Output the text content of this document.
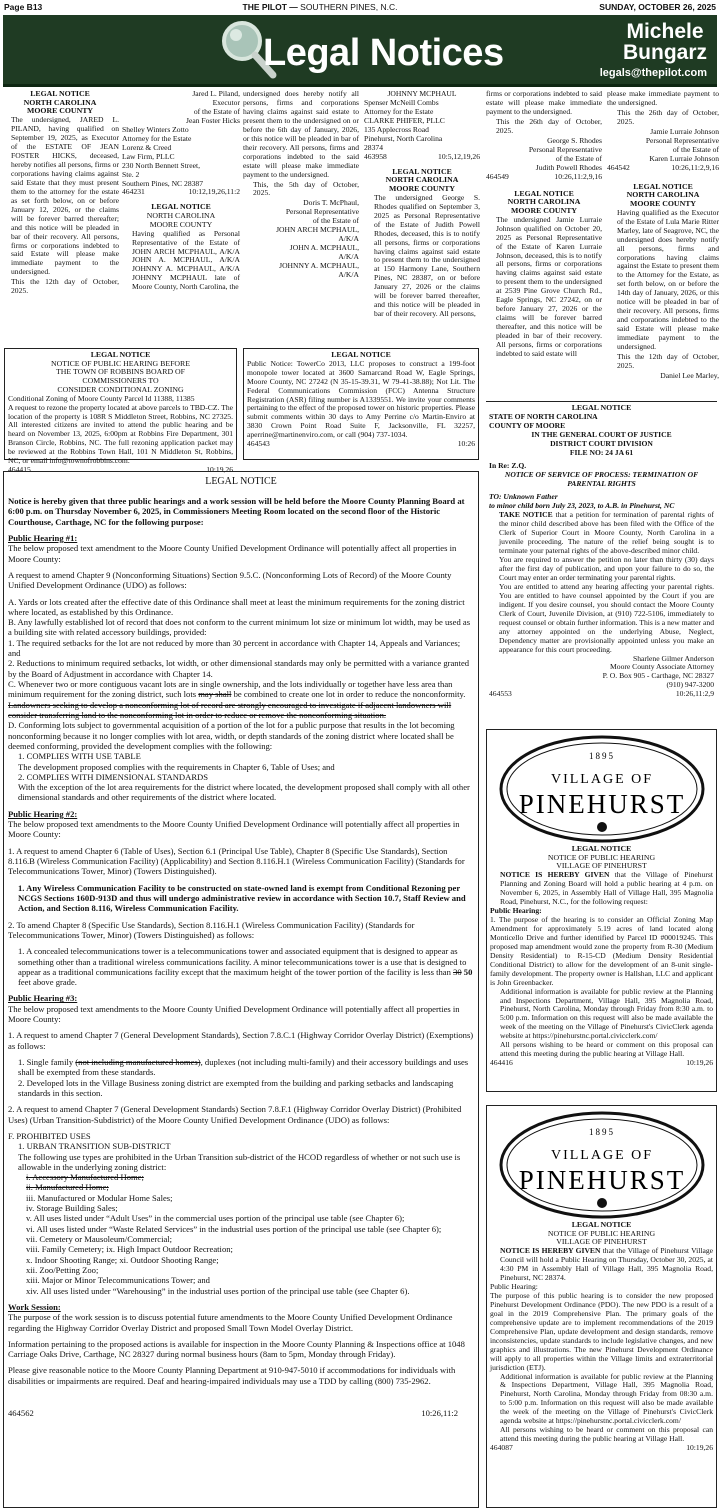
Page B13	THE PILOT — SOUTHERN PINES, N.C.	SUNDAY, OCTOBER 26, 2025
Legal Notices
Michele
Bungarz
legals@thepilot.com
LEGAL NOTICE
NORTH CAROLINA
MOORE COUNTY

The undersigned, JARED L. PILAND, having qualified on September 19, 2025, as Executor of the ESTATE OF JEAN FOSTER HICKS, deceased, hereby notifies all persons, firms or corporations having claims against said Estate that they must present them to the attorney for the estate as set forth below, on or before January 12, 2026, or the claims will be forever barred thereafter; and this notice will be pleaded in bar of their recovery. All persons, firms or corporations indebted to said Estate will please make immediate payment to the undersigned.

This the 12th day of October, 2025.

Jared L. Piland,
Executor
of the Estate of
Jean Foster Hicks
Shelley Winters Zotto
Attorney for the Estate
Lorenz & Creed
Law Firm, PLLC
230 North Bennett Street,
Ste. 2
Southern Pines, NC 28387
464231	10:12,19,26,11:2
LEGAL NOTICE
NORTH CAROLINA
MOORE COUNTY

Having qualified as Personal Representative of the Estate of JOHN ARCH MCPHAUL, A/K/A JOHN A. MCPHAUL, A/K/A JOHNNY A. MCPHAUL, A/K/A JOHNNY MCPHAUL late of Moore County, North Carolina, the

undersigned does hereby notify all persons, firms and corporations having claims against said estate to present them to the undersigned on or before the 6th day of January, 2026, or this notice will be pleaded in bar of their recovery. All persons, firms and corporations indebted to the said estate will please make immediate payment to the undersigned.

This, the 5th day of October, 2025.

Doris T. McPhaul,
Personal Representative
of the Estate of
JOHN ARCH MCPHAUL,
A/K/A
JOHN A. MCPHAUL,
A/K/A
JOHNNY A. MCPHAUL,
A/K/A
JOHNNY MCPHAUL
Spenser McNeill Combs
Attorney for the Estate
CLARKE PHIFER, PLLC
135 Applecross Road
Pinehurst, North Carolina
28374
463958	10:5,12,19,26
LEGAL NOTICE
NORTH CAROLINA
MOORE COUNTY

The undersigned George S. Rhodes qualified on September 3, 2025 as Personal Representative of the Estate of Judith Powell Rhodes, deceased, this is to notify all persons, firms or corporations having claims against said estate to present them to the undersigned at 150 Harmony Lane, Southern Pines, NC 28387, on or before January 27, 2026 or the claims will be forever barred thereafter, and this notice will be pleaded in bar of their recovery. All persons,

firms or corporations indebted to said estate will please make immediate payment to the undersigned.

This the 26th day of October, 2025.

George S. Rhodes
Personal Representative
of the Estate of
Judith Powell Rhodes
464549	10:26,11:2,9,16
LEGAL NOTICE
NORTH CAROLINA
MOORE COUNTY

The undersigned Jamie Lurraie Johnson qualified on October 20, 2025 as Personal Representative of the Estate of Karen Lurraie Johnson, deceased, this is to notify all persons, firms or corporations having claims against said estate to present them to the undersigned at 2539 Pine Grove Church Rd., Eagle Springs, NC 27242, on or before January 27, 2026 or the claims will be forever barred thereafter, and this notice will be pleaded in bar of their recovery. All persons, firms or corporations indebted to said estate will

please make immediate payment to the undersigned.

This the 26th day of October, 2025.

Jamie Lurraie Johnson
Personal Representative
of the Estate of
Karen Lurraie Johnson
464542	10:26,11:2,9,16
LEGAL NOTICE
NORTH CAROLINA
MOORE COUNTY

Having qualified as the Executor of the Estate of Lula Marie Ritter Marley, late of Seagrove, NC, the undersigned does hereby notify all persons, firms and corporations having claims against the Estate to present them to the Attorney for the Estate, as set forth below, on or before the 14th day of January, 2026, or this notice will be pleaded in bar of their recovery. All persons, firms and corporations indebted to the said Estate will please make immediate payment to the undersigned.

This the 12th day of October, 2025.

Daniel Lee Marley,
LEGAL NOTICE
NOTICE OF PUBLIC HEARING BEFORE
THE TOWN OF ROBBINS BOARD OF
COMMISSIONERS TO
CONSIDER CONDITIONAL ZONING

Conditional Zoning of Moore County Parcel Id 11388, 11385
A request to rezone the property located at above parcels to TBD-CZ. The location of the property is 108R S Middleton Street, Robbins, NC 27325. All interested citizens are invited to attend the public hearing and be heard on November 13, 2025, 6:00pm at Robbins Fire Department, 301 Branson Circle, Robbins, NC. The full rezoning application packet may be reviewed at the Robbins Town Hall, 101 N Middleton St, Robbins, NC, or email info@townofrobbins.com.

464415	10:19,26
LEGAL NOTICE

Public Notice: TowerCo 2013, LLC proposes to construct a 199-foot monopole tower located at 3600 Samarcand Road W, Eagle Springs, Moore County, NC 27242 (N 35-15-39.31, W 79-41-38.88); Not Lit. The Federal Communications Commission (FCC) Antenna Structure Registration (ASR) filing number is A1339551. We invite your comments pertaining to the effect of the proposed tower on historic properties. Please submit comments within 30 days to Amy Perrine c/o Martin-Enviro at 3830 Crown Point Road Suite F, Jacksonville, FL 32257, aperrine@martinenviro.com, or call (904) 737-1034.

464543	10:26
LEGAL NOTICE

Notice is hereby given that three public hearings and a work session will be held before the Moore County Planning Board at 6:00 p.m. on Thursday November 6, 2025, in Commissioners Meeting Room located on the second floor of the Historic Courthouse, Carthage, NC for the following purpose:

Public Hearing #1:

The below proposed text amendment to the Moore County Unified Development Ordinance will potentially affect all properties in Moore County:

A request to amend Chapter 9 (Nonconforming Situations) Section 9.5.C. (Nonconforming Lots of Record) of the Moore County Unified Development Ordinance (UDO) as follows:

A. Yards or lots created after the effective date of this Ordinance shall meet at least the minimum requirements for the zoning district where located, as established by this Ordinance.
B. Any lawfully established lot of record that does not conform to the current minimum lot size or minimum lot width, may be used as a building site with related accessory buildings, provided:
1. The required setbacks for the lot are not reduced by more than 30 percent in accordance with Chapter 14, Appeals and Variances; and
2. Reductions to minimum required setbacks, lot width, or other dimensional standards may only be permitted with a variance granted by the Board of Adjustment in accordance with Chapter 14.
C. Whenever two or more contiguous vacant lots are in single ownership, and the lots individually or together have less area than minimum requirement for the zoning district, such lots may shall be combined to create one lot in order to reduce the nonconformity. Landowners seeking to develop a nonconforming lot of record are strongly encouraged to investigate if adjacent landowners will consider transferring land to the nonconforming lot in order to reduce or remove the nonconforming situation.
D. Conforming lots subject to governmental acquisition of a portion of the lot for a public purpose that results in the lot becoming nonconforming because it no longer complies with lot area, width, or depth standards of the zoning district where located shall be deemed conforming, provided the development complies with the following:
1. COMPLIES WITH USE TABLE
The development proposed complies with the requirements in Chapter 6, Table of Uses; and
2. COMPLIES WITH DIMENSIONAL STANDARDS

With the exception of the lot area requirements for the district where located, the development proposed shall comply with all other dimensional standards and other requirements of the district where located.

Public Hearing #2:

The below proposed text amendments to the Moore County Unified Development Ordinance will potentially affect all properties in Moore County:

1. A request to amend Chapter 6 (Table of Uses), Section 6.1 (Principal Use Table), Chapter 8 (Specific Use Standards), Section 8.116.B (Wireless Communication Facility) (Applicability) and Section 8.116.H.1 (Wireless Communication Facility) (Standards for Telecommunications Tower, Minor) (Towers Distinguished).

1. Any Wireless Communication Facility to be constructed on state-owned land is exempt from Conditional Rezoning per NCGS Sections 160D-913D and thus will undergo administrative review in accordance with Section 10.7, Staff Review and Action, and Section 8.116, Wireless Communication Facility.

2. To amend Chapter 8 (Specific Use Standards), Section 8.116.H.1 (Wireless Communication Facility) (Standards for Telecommunications Tower, Minor) (Towers Distinguished) as follows:

1. A concealed telecommunications tower is a telecommunications tower and associated equipment that is designed to appear as something other than a traditional wireless communications facility. A minor telecommunications tower is a use that is designed to appear as a traditional communications facility except that the maximum height of the tower portion of the facility is less than 30 50 feet above grade.

Public Hearing #3:

The below proposed text amendments to the Moore County Unified Development Ordinance will potentially affect all properties in Moore County:

1. A request to amend Chapter 7 (General Development Standards), Section 7.8.C.1 (Highway Corridor Overlay District) (Exemptions) as follows:

1. Single family (not including manufactured homes), duplexes (not including multi-family) and their accessory buildings and uses shall be exempted from these standards.

2. Developed lots in the Village Business zoning district are exempted from the building and parking setbacks and landscaping standards in this section.

2. A request to amend Chapter 7 (General Development Standards) Section 7.8.F.1 (Highway Corridor Overlay District) (Prohibited Uses) (Urban Transition-Subdistrict) of the Moore County Unified Development Ordinance (UDO) as follows:

F. PROHIBITED USES
1. URBAN TRANSITION SUB-DISTRICT
The following use types are prohibited in the Urban Transition sub-district of the HCOD regardless of whether or not such use is allowable in the underlying zoning district:
i. Accessory Manufactured Home;
ii. Manufactured Home;
iii. Manufactured or Modular Home Sales;
iv. Storage Building Sales;
v. All uses listed under “Adult Uses” in the commercial uses portion of the principal use table (see Chapter 6);
vi. All uses listed under “Waste Related Services” in the industrial uses portion of the principal use table (see Chapter 6);
vii. Cemetery or Mausoleum/Commercial;
viii. Family Cemetery; ix. High Impact Outdoor Recreation;
x. Indoor Shooting Range; xi. Outdoor Shooting Range;
xii. Zoo/Petting Zoo;
xiii. Major or Minor Telecommunications Tower; and

xiv. All uses listed under “Warehousing” in the industrial uses portion of the principal use table (see Chapter 6).

Work Session:

The purpose of the work session is to discuss potential future amendments to the Moore County Unified Development Ordinance regarding the Highway Corridor Overlay District and proposed Small Town Model Overlay District.

Information pertaining to the proposed actions is available for inspection in the Moore County Planning & Inspections office at 1048 Carriage Oaks Drive, Carthage, NC 28327 during normal business hours (8am to 5pm, Monday through Friday).

Please give reasonable notice to the Moore County Planning Department at 910-947-5010 if accommodations for individuals with disabilities or impairments are required. Deaf and hearing-impaired individuals may use a TDD by calling (800) 735-2962.

464562	10:26,11:2
LEGAL NOTICE
STATE OF NORTH CAROLINA
COUNTY OF MOORE
IN THE GENERAL COURT OF JUSTICE
DISTRICT COURT DIVISION
FILE NO: 24 JA 61
In Re: Z.Q.
NOTICE OF SERVICE OF PROCESS: TERMINATION OF PARENTAL RIGHTS
TO: Unknown Father
to minor child born July 23, 2023, to A.B. in Pinehurst, NC

TAKE NOTICE that a petition for termination of parental rights of the minor child described above has been filed with the Office of the Clerk of Superior Court in Moore County, North Carolina in a juvenile proceeding. The nature of the relief being sought is to terminate your paternal rights of the above-described minor child.

You are required to answer the petition no later than thirty (30) days after the first day of publication, and upon your failure to do so, the Court may enter an order terminating your parental rights.

You are entitled to attend any hearing affecting your parental rights. You are entitled to have counsel appointed by the Court if you are indigent. If you desire counsel, you should contact the Moore County Clerk of Court, Juvenile Division, at (910) 722-5106, immediately to request counsel or obtain further information. This is a new matter and any attorney appointed on the underlying Abuse, Neglect, Dependency matter are provisionally appointed unless you make an appearance for this court proceeding.

Sharlene Gilmer Anderson
Moore County Associate Attorney
P. O. Box 905 - Carthage, NC 28327
(910) 947-3200
464553	10:26,11:2,9
1895
VILLAGE OF
PINEHURST
LEGAL NOTICE
NOTICE OF PUBLIC HEARING
VILLAGE OF PINEHURST

NOTICE IS HEREBY GIVEN that the Village of Pinehurst Planning and Zoning Board will hold a public hearing at 4 p.m. on November 6, 2025, in Assembly Hall of Village Hall, 395 Magnolia Road, Pinehurst, N.C., for the following request:

Public Hearing:

1. The purpose of the hearing is to consider an Official Zoning Map Amendment for approximately 5.19 acres of land located along Monticello Drive and further identified by Parcel ID #00019245. This proposed map amendment would zone the property from R-30 (Medium Density Residential) to R-15-CD (Medium Density Residential Conditional District) to allow for the development of an 8-unit single-family development. The property owner is Hallshan, LLC and applicant is John Greenbacker.

Additional information is available for public review at the Planning and Inspections Department, Village Hall, 395 Magnolia Road, Pinehurst, North Carolina, Monday through Friday from 8:30 a.m. to 5:00 p.m. Information on this request will also be made available the week of the meeting on the Village of Pinehurst's CivicClerk agenda website at https://pinehurstnc.portal.civicclerk.com/

All persons wishing to be heard or comment on this proposal can attend this meeting during the public hearing at Village Hall.

464416	10:19,26
1895
VILLAGE OF
PINEHURST
LEGAL NOTICE
NOTICE OF PUBLIC HEARING
VILLAGE OF PINEHURST

NOTICE IS HEREBY GIVEN that the Village of Pinehurst Village Council will hold a Public Hearing on Thursday, October 30, 2025, at 4:30 PM in Assembly Hall of Village Hall, 395 Magnolia Road, Pinehurst, NC 28374.

Public Hearing:

The purpose of this public hearing is to consider the new proposed Pinehurst Development Ordinance (PDO). The new PDO is a result of a goal in the 2019 Comprehensive Plan. The primary goals of the comprehensive update are to implement recommendations of the 2019 Comprehensive Plan, update development and design standards, remove inconsistencies, update standards to include legislative changes, and new graphics and illustrations. The new Pinehurst Development Ordinance will apply to all properties within the Village limits and extraterritorial jurisdiction (ETJ).

Additional information is available for public review at the Planning & Inspections Department, Village Hall, 395 Magnolia Road, Pinehurst, North Carolina, Monday through Friday from 08:30 a.m. to 5:00 p.m. Information on this request will also be made available the week of the meeting on the Village of Pinehurst's CivicClerk agenda website at https://pinehurstnc.portal.civicclerk.com/

All persons wishing to be heard or comment on this proposal can attend this meeting during the public hearing at Village Hall.

464087	10:19,26
